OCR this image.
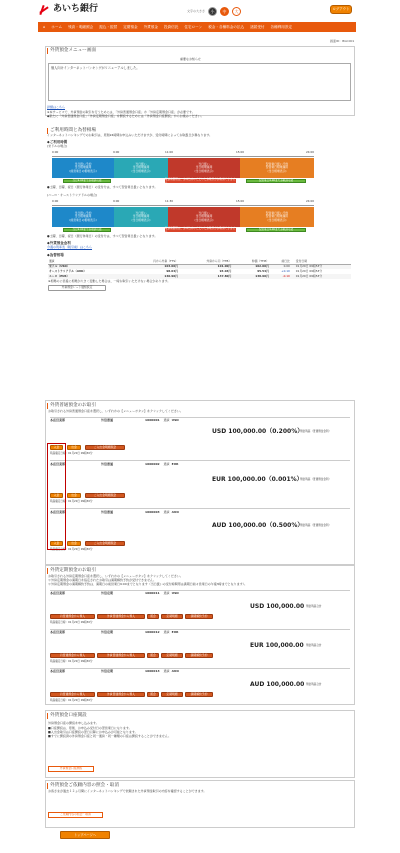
あいち銀行	文字の大きさ	小	中	大	ログアウト
⌂ ホーム 残高・明細照会 振込・振替 定期預金 外貨預金 投資信託 住宅ローン 税金・各種料金の払込 諸届受付 各種利用設定
画面ID：BGC001
外貨預金メニュー画面
重要なお知らせ
個人向けインターネットバンキングがリニューアルしました。
詳細はこちら
※本サービスで、外貨預金の取引を行うためには、「外貨普通預金口座」か「外貨定期預金口座」が必要です。
◆新たに「外貨普通預金口座」「外貨定期預金口座」を開設するためには「外貨預金口座開設」からお進みください。
ご利用時間と為替相場
インターネットバンキングでのお取引は、原則24時間お申込みいただけますが、受付時間によってお取扱日が異なります。
◆ご利用時間
(米ドルの場合)
0:00	9:00	11:00	15:00	24:00
当日扱い予約
当日相場適用
(前営業日の相場表示)
当日扱い
当日相場適用
(当日相場表示)
当日扱い
当日相場適用
(当日相場表示)
翌営業日扱い予約
翌営業日相場適用
(当日相場表示)
当日9:00までお取消可能
取消時間帯は、お申込みいただいたお取引がお取消できません
翌営業日9:00までお取消可能
●土曜、日曜、祝日（銀行休業日）の受付分は、すべて翌営業日扱いとなります。
(ユーロ・オーストラリアドルの場合)
0:00	9:00	11:30	15:00	24:00
当日扱い予約
当日相場適用
(前営業日の相場表示)
当日扱い
当日相場適用
(当日相場表示)
当日扱い
当日相場適用
(当日相場表示)
翌営業日扱い予約
翌営業日相場適用
(当日相場表示)
当日9:00までお取消可能
取消時間帯は、お申込みいただいたお取引がお取消できません
翌営業日9:00までお取消可能
●土曜、日曜、祝日（銀行休業日）の受付分は、すべて翌営業日扱いとなります。
◆外貨預金金利
今週の利率表（税引前）はこちら
◆為替相場
通貨	円から外貨（TTS）	外貨から円（TTB）	仲値（TTM）	前日比		受付日時
米ドル（USD）	103.00円	101.00円	102.00円	0.00		01月20日 09時53分
オーストラリアドル（AUD）	98.04円	93.04円	95.54円	+0.10		01月20日 09時53分
ユーロ（EUR）	140.90円	137.80円	138.90円	-0.10		01月20日 09時53分
※相場の公表後に相場が大きく変動した場合は、一時お取引いただけない場合があります。
外貨預金レート通知設定
外貨普通預金のお取引
お取引される外貨普通預金口座を選択し、いずれかの【メニューボタン】をクリックしてください。
本店営業部	外貨普通	1000001 通貨 USD
USD 100,000.00（0.200%）
預金残高（普通預金金利）
入金	出金	ご入出金明細照会
残高確定日時：01月20日 09時30分
本店営業部	外貨普通	1000002 通貨 EUR
EUR 100,000.00（0.001%）
預金残高（普通預金金利）
入金	出金	ご入出金明細照会
残高確定日時：01月20日 09時30分
本店営業部	外貨普通	1000003 通貨 AUD
AUD 100,000.00（0.500%）
預金残高（普通預金金利）
入金	出金	ご入出金明細照会
残高確定日時：01月20日 09時30分
外貨定期預金のお取引
お取引される外貨定期預金口座を選択し、いずれかの【メニューボタン】をクリックしてください。
＊外貨定期預金の満期日を指定されたお取引は満期解約予約が受付できません。
＊外貨定期預金の満期解約予約は、満期日の前営業日9:00までとなります（当日扱いの受付時間帯は満期日前々営業日の午後3時までとなります）。
本店営業部	外貨定期	1000011 通貨 USD
USD 100,000.00 預金残高合計
円普通預金から預入	外貨普通預金から預入	照会	定期明細	満期解約予約
残高確定日時：01月20日 09時30分
本店営業部	外貨定期	1000012 通貨 EUR
EUR 100,000.00 預金残高合計
円普通預金から預入	外貨普通預金から預入	照会	定期明細	満期解約予約
残高確定日時：01月20日 09時30分
本店営業部	外貨定期	1000013 通貨 AUD
AUD 100,000.00 預金残高合計
円普通預金から預入	外貨普通預金から預入	照会	定期明細	満期解約予約
残高確定日時：01月20日 09時30分
外貨預金口座開設
外貨預金口座の開設を申し込みます。
■口座開設は、原則、お申込み受付日の翌営業日になります。
■入出金取引は口座開設の翌日以降にお申込みが可能となります。
■すでに開設済の外貨預金口座と同一通貨・同一種類の口座は開設することができません。
外貨預金口座開設
外貨預金ご依頼内容の照会・取消
お客さまが過去１２ヵ月間にインターネットバンキングで依頼された外貨預金取引の内容を確認することができます。
ご依頼内容の照会・取消
トップページへ
